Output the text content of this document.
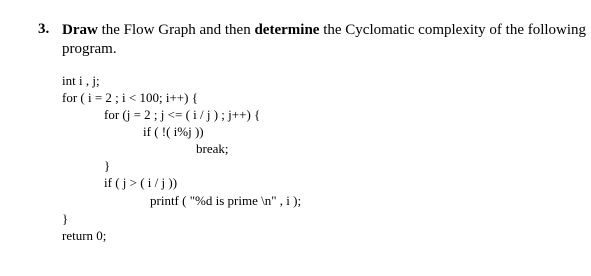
3. Draw the Flow Graph and then determine the Cyclomatic complexity of the following
program.
int i , j;
for ( i = 2 ; i < 100; i++) {
for (j = 2 ; j <= ( i / j ) ; j++) {
if ( !( i%j ))
break;
}
if ( j > ( i / j ))
printf ( "%d is prime \n" , i );
}
return 0;
